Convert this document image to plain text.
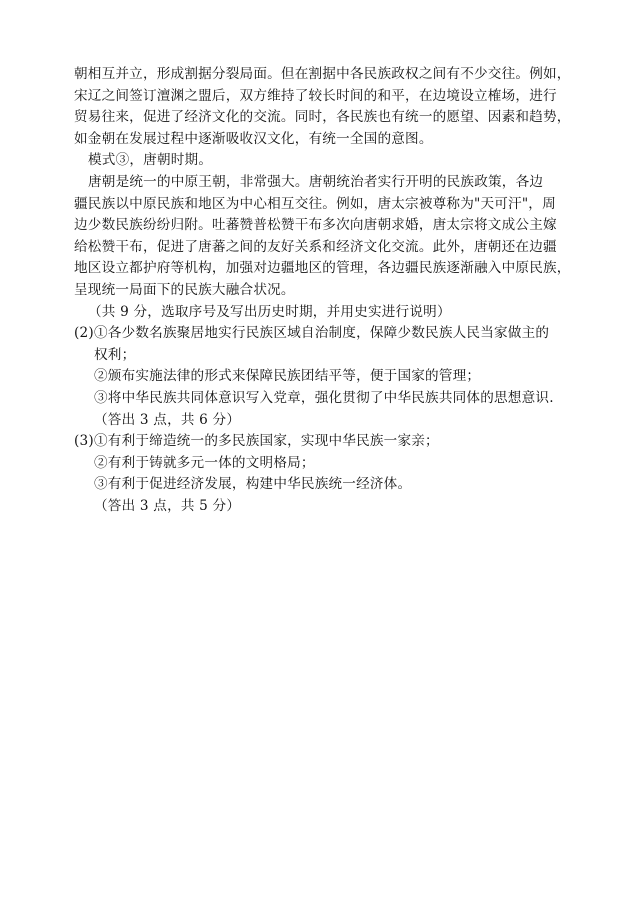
朝相互并立，形成割据分裂局面。但在割据中各民族政权之间有不少交往。例如，
宋辽之间签订澶渊之盟后，双方维持了较长时间的和平，在边境设立榷场，进行
贸易往来，促进了经济文化的交流。同时，各民族也有统一的愿望、因素和趋势，
如金朝在发展过程中逐渐吸收汉文化，有统一全国的意图。
模式③，唐朝时期。
唐朝是统一的中原王朝，非常强大。唐朝统治者实行开明的民族政策，各边
疆民族以中原民族和地区为中心相互交往。例如，唐太宗被尊称为"天可汗"，周
边少数民族纷纷归附。吐蕃赞普松赞干布多次向唐朝求婚，唐太宗将文成公主嫁
给松赞干布，促进了唐蕃之间的友好关系和经济文化交流。此外，唐朝还在边疆
地区设立都护府等机构，加强对边疆地区的管理，各边疆民族逐渐融入中原民族，
呈现统一局面下的民族大融合状况。
（共 9 分，选取序号及写出历史时期，并用史实进行说明）
(2)①各少数名族聚居地实行民族区域自治制度，保障少数民族人民当家做主的
权利；
②颁布实施法律的形式来保障民族团结平等，便于国家的管理；
③将中华民族共同体意识写入党章，强化贯彻了中华民族共同体的思想意识.
（答出 3 点，共 6 分）
(3)①有利于缔造统一的多民族国家，实现中华民族一家亲；
②有利于铸就多元一体的文明格局；
③有利于促进经济发展，构建中华民族统一经济体。
（答出 3 点，共 5 分）
